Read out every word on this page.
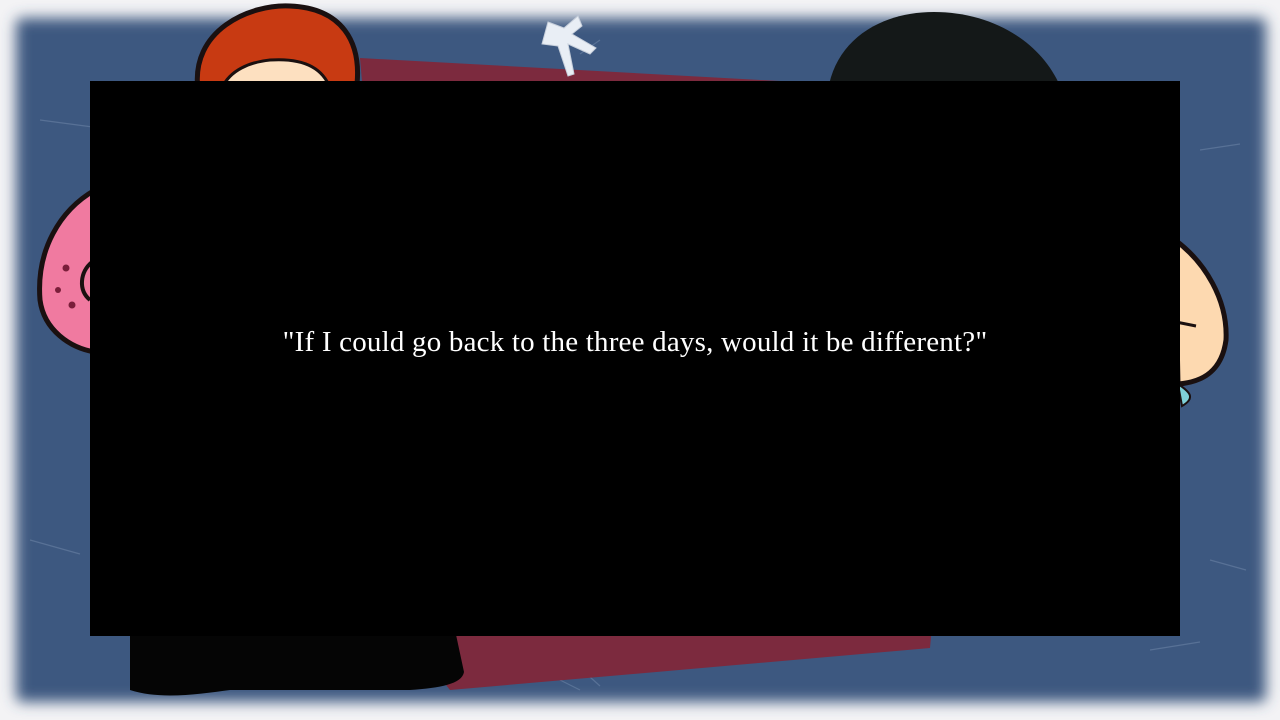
"If I could go back to the three days, would it be different?"
